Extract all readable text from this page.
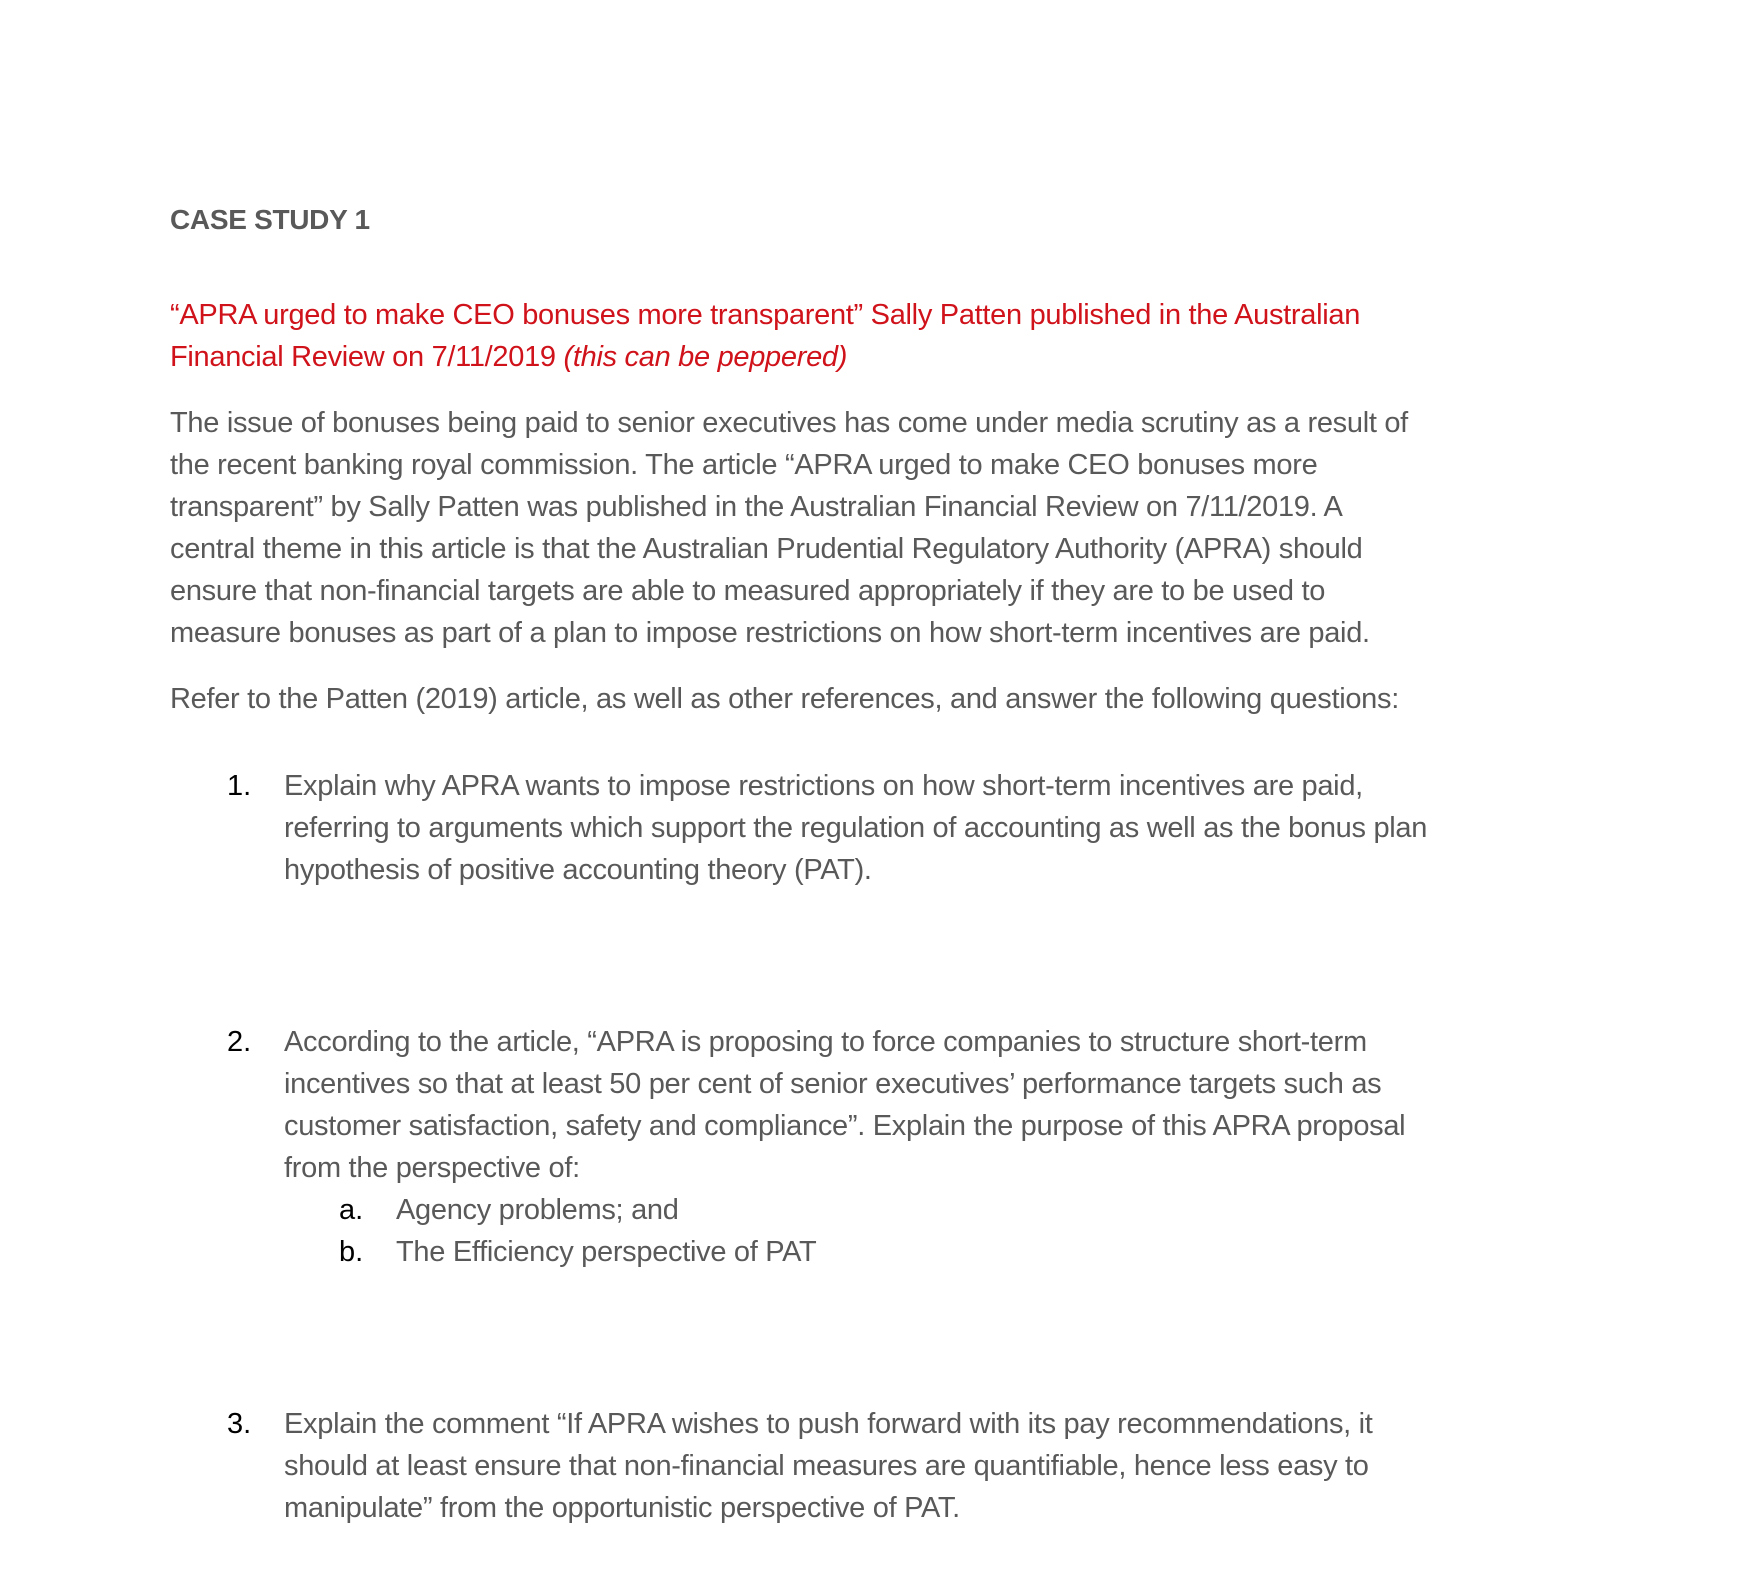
CASE STUDY 1
“APRA urged to make CEO bonuses more transparent” Sally Patten published in the Australian
Financial Review on 7/11/2019 (this can be peppered)
The issue of bonuses being paid to senior executives has come under media scrutiny as a result of
the recent banking royal commission. The article “APRA urged to make CEO bonuses more
transparent” by Sally Patten was published in the Australian Financial Review on 7/11/2019. A
central theme in this article is that the Australian Prudential Regulatory Authority (APRA) should
ensure that non-financial targets are able to measured appropriately if they are to be used to
measure bonuses as part of a plan to impose restrictions on how short-term incentives are paid.
Refer to the Patten (2019) article, as well as other references, and answer the following questions:
1. Explain why APRA wants to impose restrictions on how short-term incentives are paid,
referring to arguments which support the regulation of accounting as well as the bonus plan
hypothesis of positive accounting theory (PAT).
2. According to the article, “APRA is proposing to force companies to structure short-term
incentives so that at least 50 per cent of senior executives’ performance targets such as
customer satisfaction, safety and compliance”. Explain the purpose of this APRA proposal
from the perspective of:
a. Agency problems; and
b. The Efficiency perspective of PAT
3. Explain the comment “If APRA wishes to push forward with its pay recommendations, it
should at least ensure that non-financial measures are quantifiable, hence less easy to
manipulate” from the opportunistic perspective of PAT.
